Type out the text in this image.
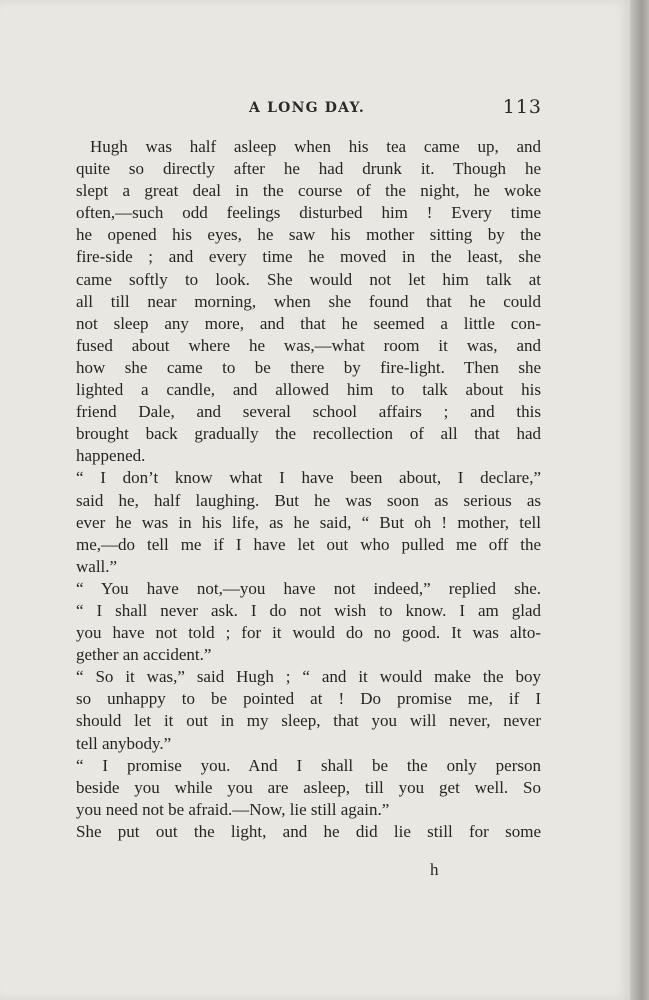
A LONG DAY.	113
Hugh was half asleep when his tea came up, and
quite so directly after he had drunk it. Though he
slept a great deal in the course of the night, he woke
often,—such odd feelings disturbed him ! Every time
he opened his eyes, he saw his mother sitting by the
fire-side ; and every time he moved in the least, she
came softly to look. She would not let him talk at
all till near morning, when she found that he could
not sleep any more, and that he seemed a little con-
fused about where he was,—what room it was, and
how she came to be there by fire-light. Then she
lighted a candle, and allowed him to talk about his
friend Dale, and several school affairs ; and this
brought back gradually the recollection of all that had
happened.
“ I don’t know what I have been about, I declare,”
said he, half laughing. But he was soon as serious as
ever he was in his life, as he said, “ But oh ! mother, tell
me,—do tell me if I have let out who pulled me off the
wall.”
“ You have not,—you have not indeed,” replied she.
“ I shall never ask. I do not wish to know. I am glad
you have not told ; for it would do no good. It was alto-
gether an accident.”
“ So it was,” said Hugh ; “ and it would make the boy
so unhappy to be pointed at ! Do promise me, if I
should let it out in my sleep, that you will never, never
tell anybody.”
“ I promise you. And I shall be the only person
beside you while you are asleep, till you get well. So
you need not be afraid.—Now, lie still again.”
She put out the light, and he did lie still for some
h
